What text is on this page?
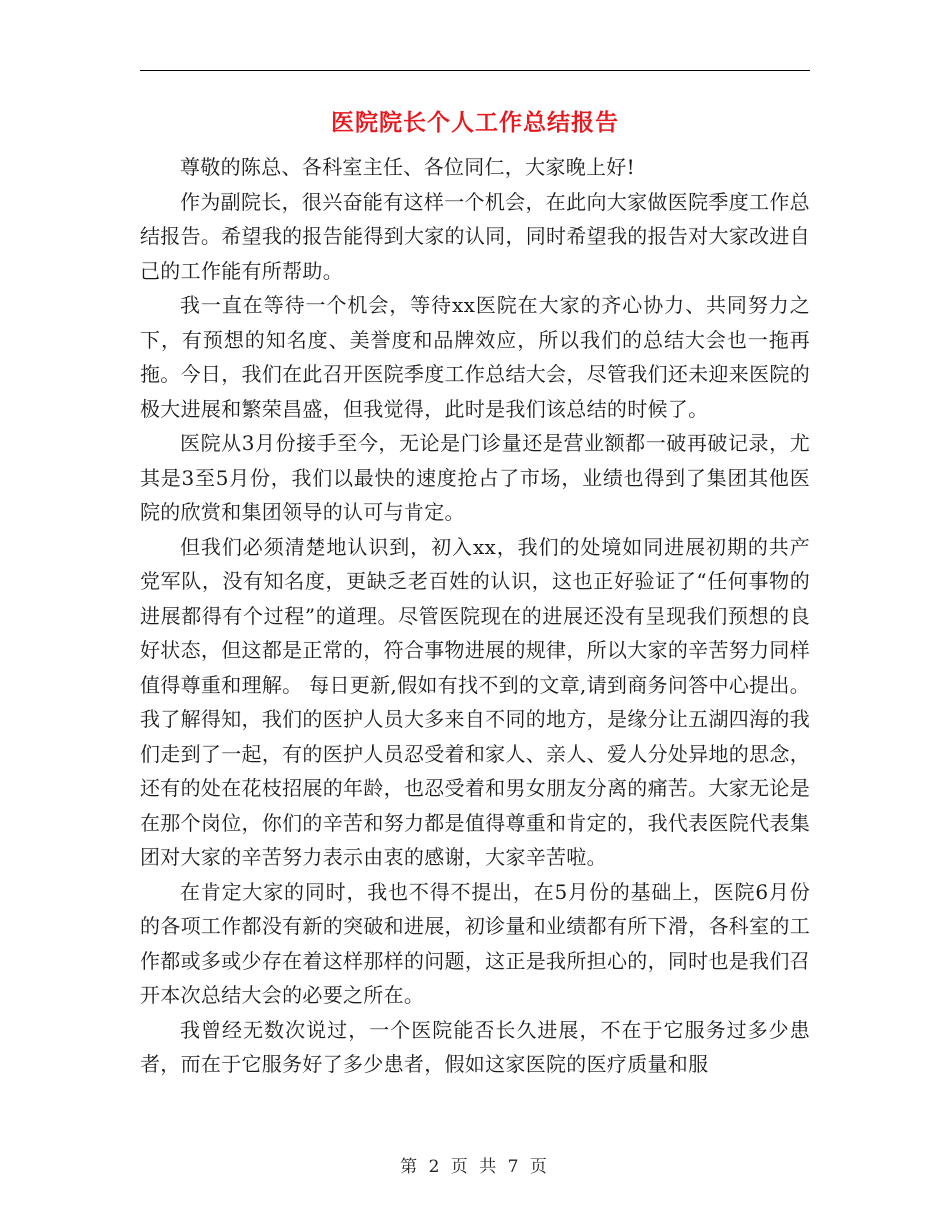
医院院长个人工作总结报告

尊敬的陈总、各科室主任、各位同仁，大家晚上好!

作为副院长，很兴奋能有这样一个机会，在此向大家做医院季度工作总结报告。希望我的报告能得到大家的认同，同时希望我的报告对大家改进自己的工作能有所帮助。

我一直在等待一个机会，等待xx医院在大家的齐心协力、共同努力之下，有预想的知名度、美誉度和品牌效应，所以我们的总结大会也一拖再拖。今日，我们在此召开医院季度工作总结大会，尽管我们还未迎来医院的极大进展和繁荣昌盛，但我觉得，此时是我们该总结的时候了。

医院从3月份接手至今，无论是门诊量还是营业额都一破再破记录，尤其是3至5月份，我们以最快的速度抢占了市场，业绩也得到了集团其他医院的欣赏和集团领导的认可与肯定。

但我们必须清楚地认识到，初入xx，我们的处境如同进展初期的共产党军队，没有知名度，更缺乏老百姓的认识，这也正好验证了“任何事物的进展都得有个过程”的道理。尽管医院现在的进展还没有呈现我们预想的良好状态，但这都是正常的，符合事物进展的规律，所以大家的辛苦努力同样值得尊重和理解。 每日更新,假如有找不到的文章,请到商务问答中心提出。我了解得知，我们的医护人员大多来自不同的地方，是缘分让五湖四海的我们走到了一起，有的医护人员忍受着和家人、亲人、爱人分处异地的思念，还有的处在花枝招展的年龄，也忍受着和男女朋友分离的痛苦。大家无论是在那个岗位，你们的辛苦和努力都是值得尊重和肯定的，我代表医院代表集团对大家的辛苦努力表示由衷的感谢，大家辛苦啦。

在肯定大家的同时，我也不得不提出，在5月份的基础上，医院6月份的各项工作都没有新的突破和进展，初诊量和业绩都有所下滑，各科室的工作都或多或少存在着这样那样的问题，这正是我所担心的，同时也是我们召开本次总结大会的必要之所在。

我曾经无数次说过，一个医院能否长久进展，不在于它服务过多少患者，而在于它服务好了多少患者，假如这家医院的医疗质量和服

第 2 页 共 7 页
